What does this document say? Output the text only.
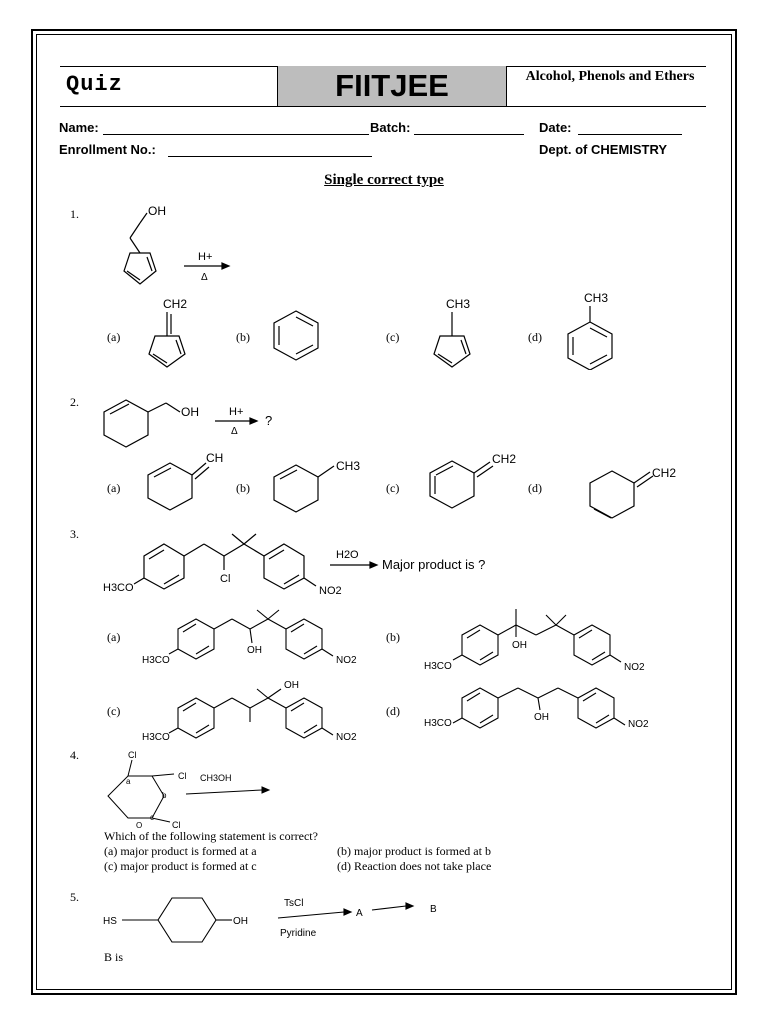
Quiz	FIITJEE	Alcohol, Phenols and Ethers
Name:	Batch:	Date:
Enrollment No.:	Dept. of CHEMISTRY
Single correct type
1.	OH
H+
Δ
(a)
CH2
(b)	(c)
CH3
(d)
CH3
2.
OH	H+
Δ
?
(a)
CH
(b)
CH3
(c)
CH2
(d)
CH2
3.
H3CO
Cl
NO2
H2O
Major product is ?
(a)
H3CO
OH
NO2
(b)
H3CO
OH
NO2
(c)
H3CO
OH
NO2
(d)
H3CO
OH
NO2
4.	Cl
Cl
Cl
a
b
c
O
CH3OH
Which of the following statement is correct?
(a) major product is formed at a	(b) major product is formed at b
(c) major product is formed at c	(d) Reaction does not take place
5.
HS	OH
TsCl
Pyridine
A	B
B is
